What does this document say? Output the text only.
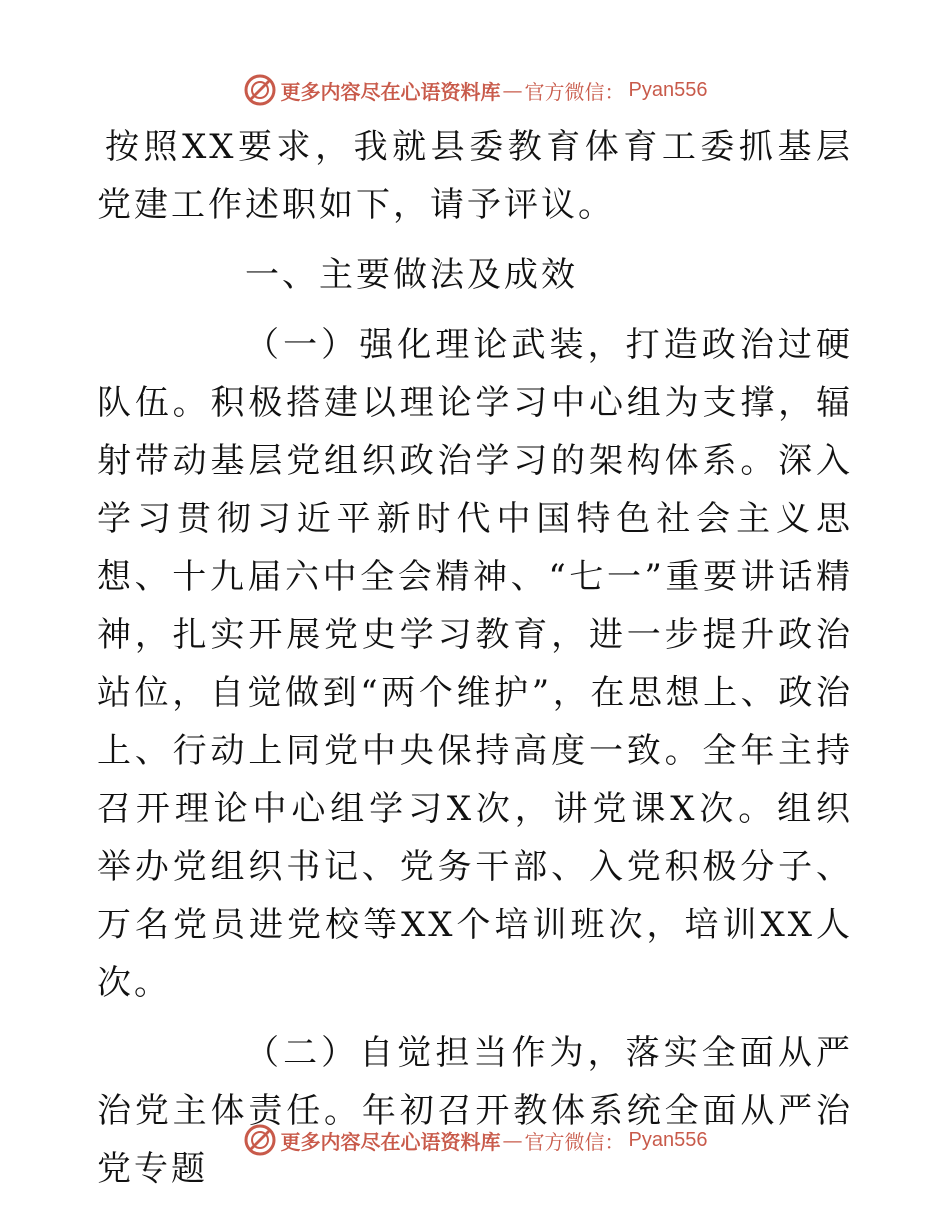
更多内容尽在心语资料库 — 官方微信： Pyan556

按照XX要求，我就县委教育体育工委抓基层党建工作述职如下，请予评议。

一、主要做法及成效

（一）强化理论武装，打造政治过硬队伍。积极搭建以理论学习中心组为支撑，辐射带动基层党组织政治学习的架构体系。深入学习贯彻习近平新时代中国特色社会主义思想、十九届六中全会精神、“七一”重要讲话精神，扎实开展党史学习教育，进一步提升政治站位，自觉做到“两个维护”，在思想上、政治上、行动上同党中央保持高度一致。全年主持召开理论中心组学习X次，讲党课X次。组织举办党组织书记、党务干部、入党积极分子、万名党员进党校等XX个培训班次，培训XX人次。

（二）自觉担当作为，落实全面从严治党主体责任。年初召开教体系统全面从严治党专题

更多内容尽在心语资料库 — 官方微信： Pyan556
